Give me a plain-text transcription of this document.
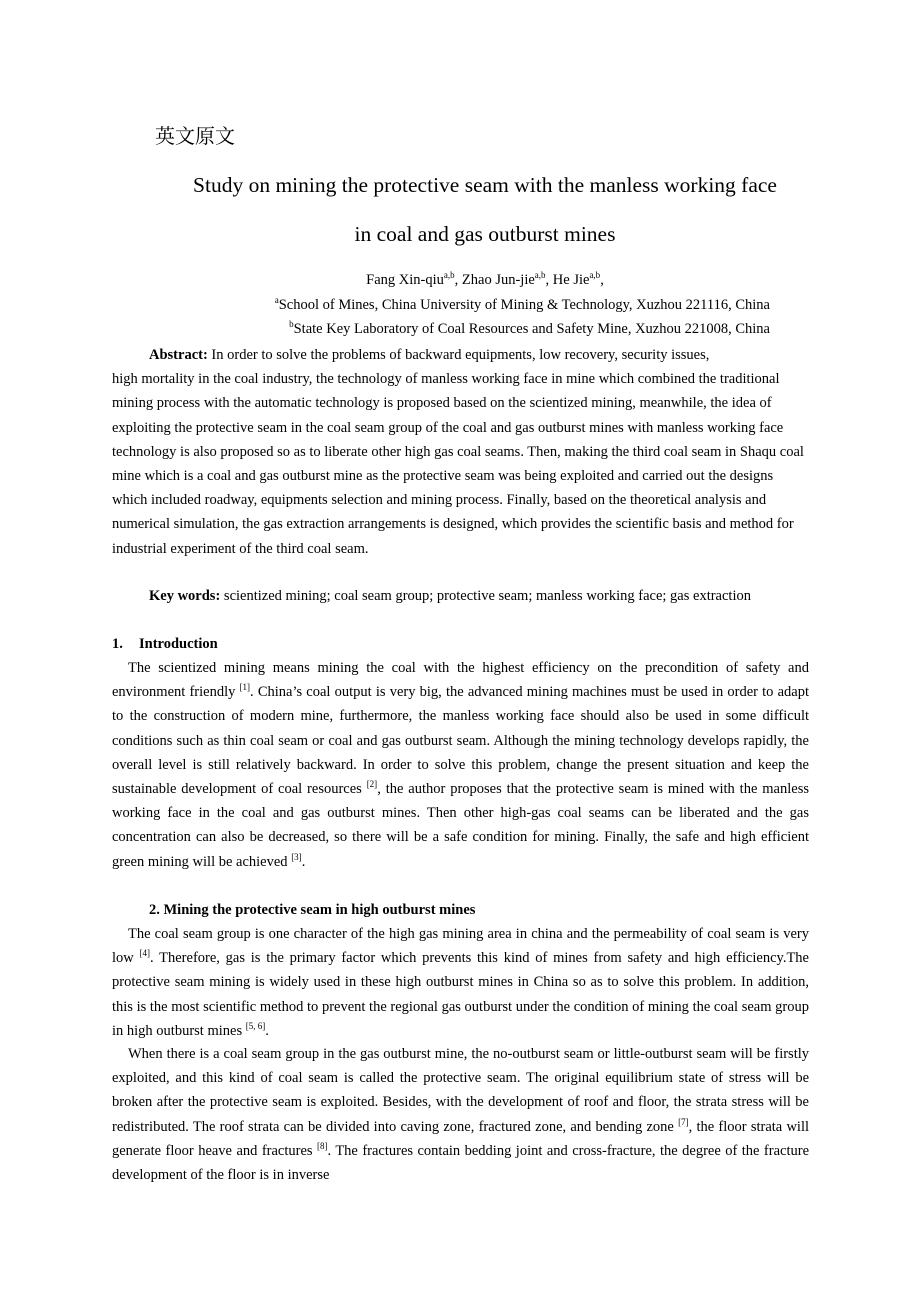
英文原文
Study on mining the protective seam with the manless working face
in coal and gas outburst mines
Fang Xin-qiu$^{a,b}$, Zhao Jun-jie$^{a,b}$, He Jie$^{a,b}$,
$^a$School of Mines, China University of Mining & Technology, Xuzhou 221116, China
$^b$State Key Laboratory of Coal Resources and Safety Mine, Xuzhou 221008, China
Abstract: In order to solve the problems of backward equipments, low recovery, security issues,
high mortality in the coal industry, the technology of manless working face in mine which combined the traditional mining process with the automatic technology is proposed based on the scientized mining, meanwhile, the idea of exploiting the protective seam in the coal seam group of the coal and gas outburst mines with manless working face technology is also proposed so as to liberate other high gas coal seams. Then, making the third coal seam in Shaqu coal mine which is a coal and gas outburst mine as the protective seam was being exploited and carried out the designs which included roadway, equipments selection and mining process. Finally, based on the theoretical analysis and numerical simulation, the gas extraction arrangements is designed, which provides the scientific basis and method for industrial experiment of the third coal seam.
Key words: scientized mining; coal seam group; protective seam; manless working face; gas extraction
1. Introduction
The scientized mining means mining the coal with the highest efficiency on the precondition of safety and environment friendly [1]. China’s coal output is very big, the advanced mining machines must be used in order to adapt to the construction of modern mine, furthermore, the manless working face should also be used in some difficult conditions such as thin coal seam or coal and gas outburst seam. Although the mining technology develops rapidly, the overall level is still relatively backward. In order to solve this problem, change the present situation and keep the sustainable development of coal resources [2], the author proposes that the protective seam is mined with the manless working face in the coal and gas outburst mines. Then other high-gas coal seams can be liberated and the gas concentration can also be decreased, so there will be a safe condition for mining. Finally, the safe and high efficient green mining will be achieved [3].
2. Mining the protective seam in high outburst mines
The coal seam group is one character of the high gas mining area in china and the permeability of coal seam is very low [4]. Therefore, gas is the primary factor which prevents this kind of mines from safety and high efficiency.The protective seam mining is widely used in these high outburst mines in China so as to solve this problem. In addition, this is the most scientific method to prevent the regional gas outburst under the condition of mining the coal seam group in high outburst mines [5, 6].
When there is a coal seam group in the gas outburst mine, the no-outburst seam or little-outburst seam will be firstly exploited, and this kind of coal seam is called the protective seam. The original equilibrium state of stress will be broken after the protective seam is exploited. Besides, with the development of roof and floor, the strata stress will be redistributed. The roof strata can be divided into caving zone, fractured zone, and bending zone [7], the floor strata will generate floor heave and fractures [8]. The fractures contain bedding joint and cross-fracture, the degree of the fracture development of the floor is in inverse
